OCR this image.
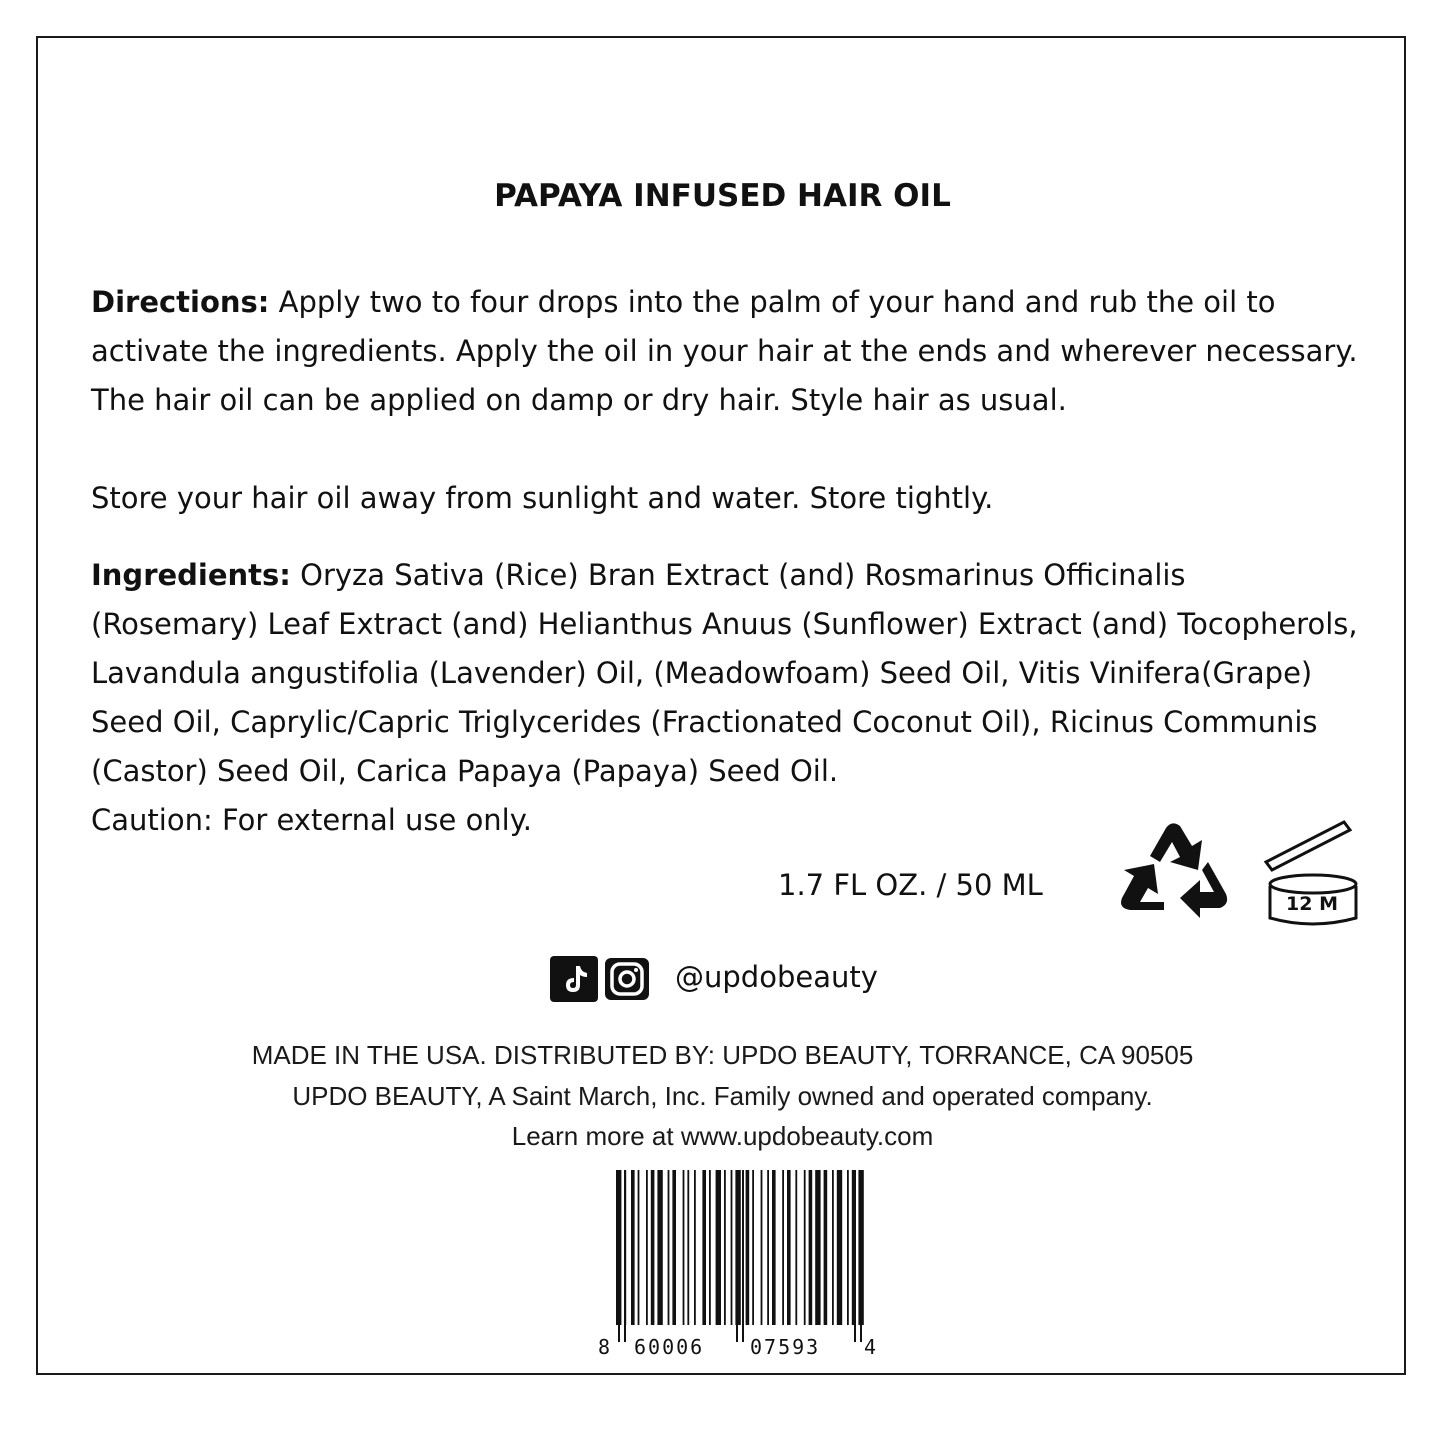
PAPAYA INFUSED HAIR OIL

Directions: Apply two to four drops into the palm of your hand and rub the oil to activate the ingredients. Apply the oil in your hair at the ends and wherever necessary. The hair oil can be applied on damp or dry hair. Style hair as usual.

Store your hair oil away from sunlight and water. Store tightly.

Ingredients: Oryza Sativa (Rice) Bran Extract (and) Rosmarinus Officinalis (Rosemary) Leaf Extract (and) Helianthus Anuus (Sunflower) Extract (and) Tocopherols, Lavandula angustifolia (Lavender) Oil, (Meadowfoam) Seed Oil, Vitis Vinifera(Grape) Seed Oil, Caprylic/Capric Triglycerides (Fractionated Coconut Oil), Ricinus Communis (Castor) Seed Oil, Carica Papaya (Papaya) Seed Oil.
Caution: For external use only.

1.7 FL OZ. / 50 ML

12 M

@updobeauty

MADE IN THE USA. DISTRIBUTED BY: UPDO BEAUTY, TORRANCE, CA 90505

UPDO BEAUTY, A Saint March, Inc. Family owned and operated company.

Learn more at www.updobeauty.com

8 60006 07593 4
